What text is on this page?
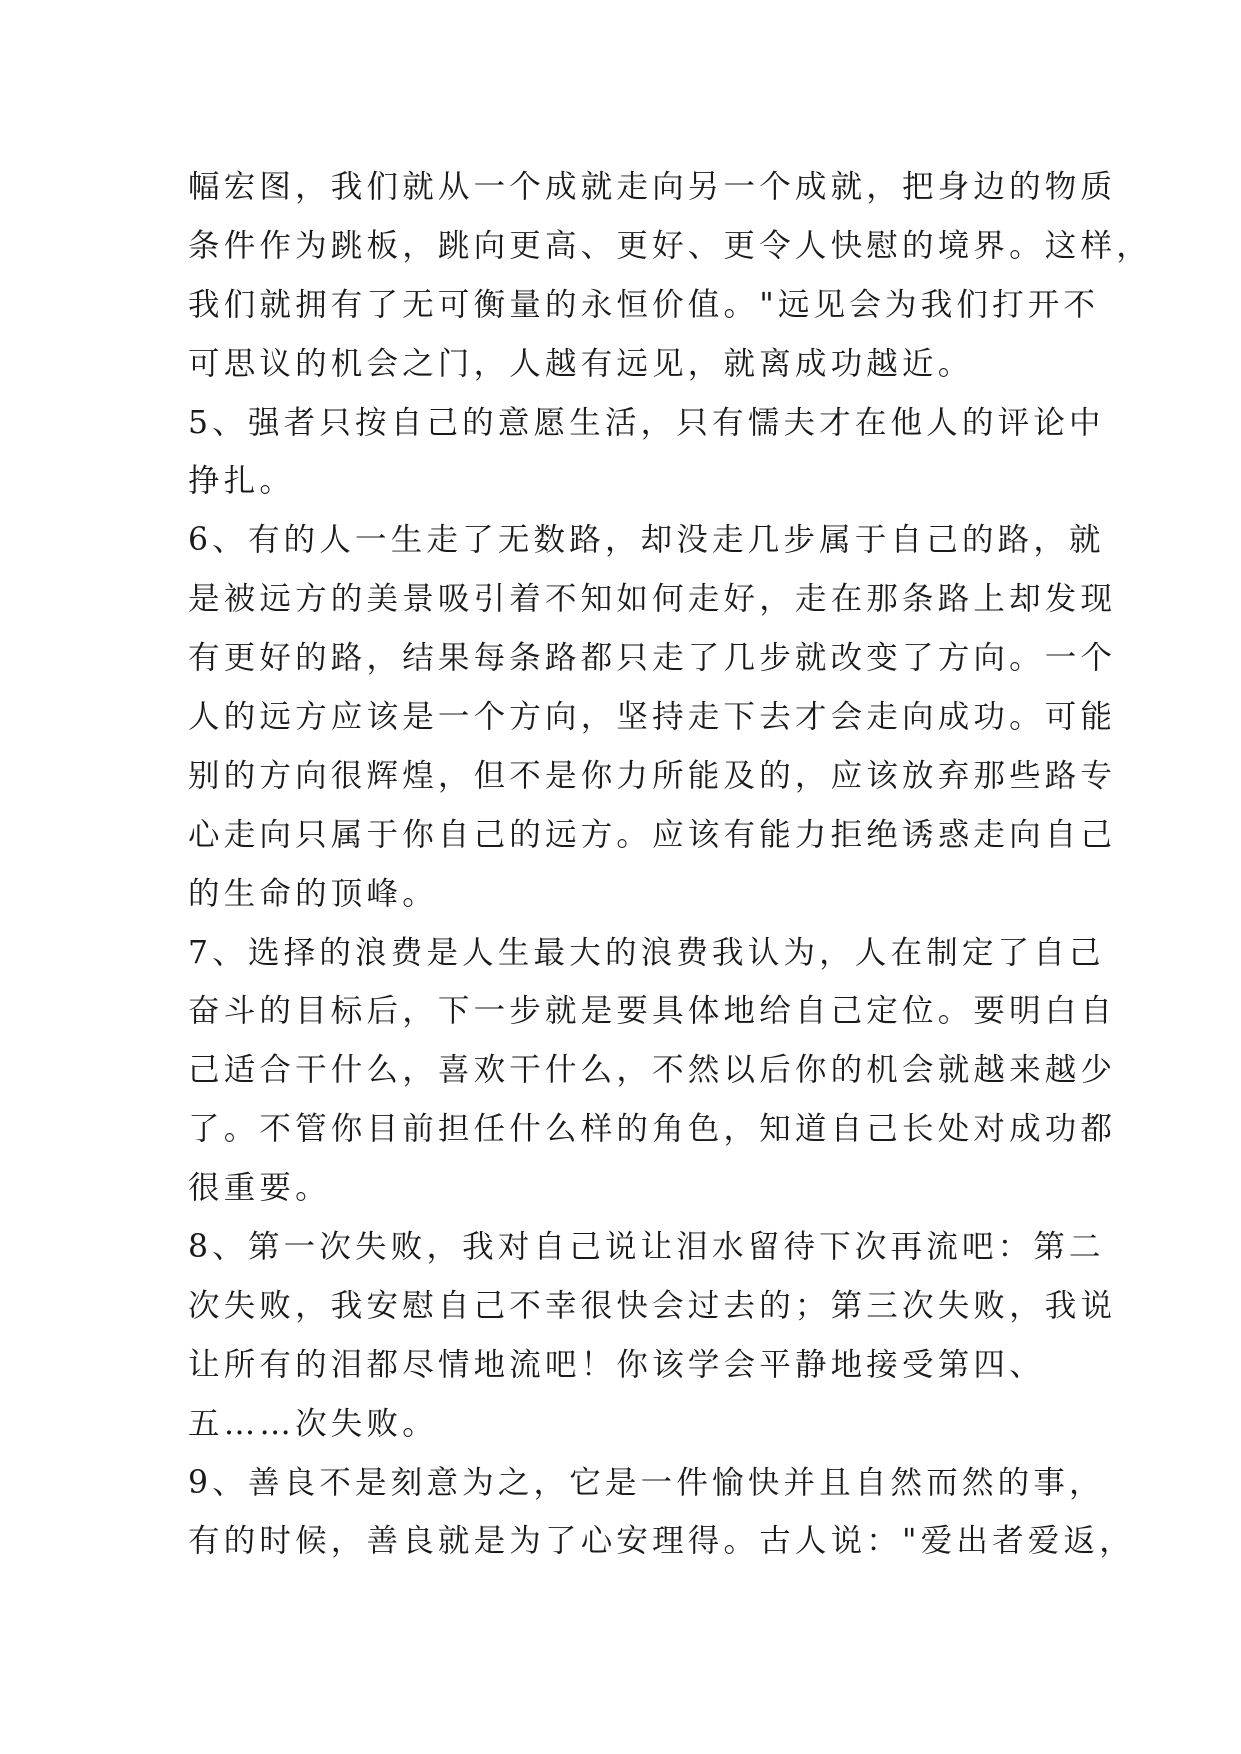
幅宏图，我们就从一个成就走向另一个成就，把身边的物质
条件作为跳板，跳向更高、更好、更令人快慰的境界。这样，
我们就拥有了无可衡量的永恒价值。"远见会为我们打开不
可思议的机会之门，人越有远见，就离成功越近。
5、强者只按自己的意愿生活，只有懦夫才在他人的评论中
挣扎。
6、有的人一生走了无数路，却没走几步属于自己的路，就
是被远方的美景吸引着不知如何走好，走在那条路上却发现
有更好的路，结果每条路都只走了几步就改变了方向。一个
人的远方应该是一个方向，坚持走下去才会走向成功。可能
别的方向很辉煌，但不是你力所能及的，应该放弃那些路专
心走向只属于你自己的远方。应该有能力拒绝诱惑走向自己
的生命的顶峰。
7、选择的浪费是人生最大的浪费我认为，人在制定了自己
奋斗的目标后，下一步就是要具体地给自己定位。要明白自
己适合干什么，喜欢干什么，不然以后你的机会就越来越少
了。不管你目前担任什么样的角色，知道自己长处对成功都
很重要。
8、第一次失败，我对自己说让泪水留待下次再流吧：第二
次失败，我安慰自己不幸很快会过去的；第三次失败，我说
让所有的泪都尽情地流吧！你该学会平静地接受第四、
五……次失败。
9、善良不是刻意为之，它是一件愉快并且自然而然的事，
有的时候，善良就是为了心安理得。古人说："爱出者爱返，
